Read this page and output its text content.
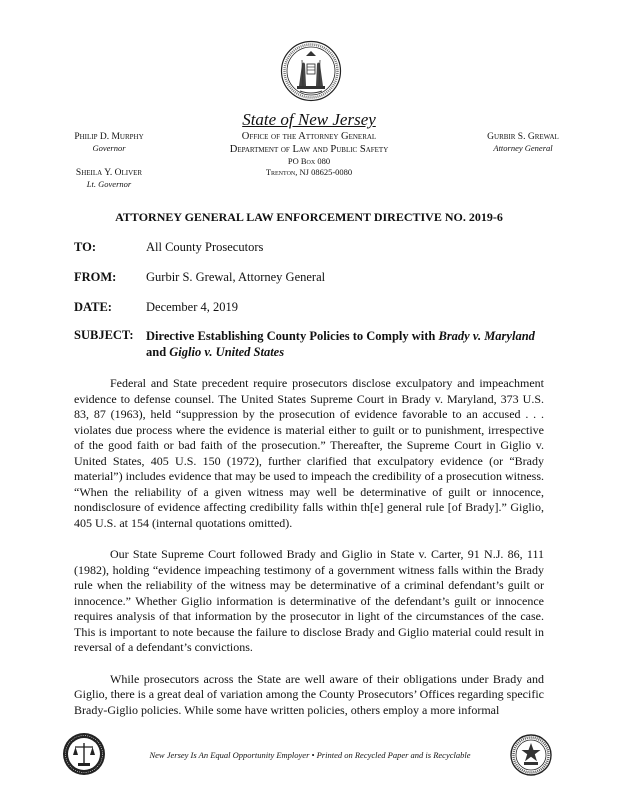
State of New Jersey
Office of the Attorney General
Department of Law and Public Safety
PO Box 080
Trenton, NJ 08625-0080
Philip D. Murphy
Governor
Sheila Y. Oliver
Lt. Governor
Gurbir S. Grewal
Attorney General
ATTORNEY GENERAL LAW ENFORCEMENT DIRECTIVE NO. 2019-6
TO:	All County Prosecutors
FROM: Gurbir S. Grewal, Attorney General
DATE:	December 4, 2019
SUBJECT: Directive Establishing County Policies to Comply with Brady v. Maryland
and Giglio v. United States

Federal and State precedent require prosecutors disclose exculpatory and impeachment evidence to defense counsel. The United States Supreme Court in Brady v. Maryland, 373 U.S. 83, 87 (1963), held “suppression by the prosecution of evidence favorable to an accused . . . violates due process where the evidence is material either to guilt or to punishment, irrespective of the good faith or bad faith of the prosecution.” Thereafter, the Supreme Court in Giglio v. United States, 405 U.S. 150 (1972), further clarified that exculpatory evidence (or “Brady material”) includes evidence that may be used to impeach the credibility of a prosecution witness. “When the reliability of a given witness may well be determinative of guilt or innocence, nondisclosure of evidence affecting credibility falls within th[e] general rule [of Brady].” Giglio, 405 U.S. at 154 (internal quotations omitted).

Our State Supreme Court followed Brady and Giglio in State v. Carter, 91 N.J. 86, 111 (1982), holding “evidence impeaching testimony of a government witness falls within the Brady rule when the reliability of the witness may be determinative of a criminal defendant’s guilt or innocence.” Whether Giglio information is determinative of the defendant’s guilt or innocence requires analysis of that information by the prosecutor in light of the circumstances of the case. This is important to note because the failure to disclose Brady and Giglio material could result in reversal of a defendant’s convictions.

While prosecutors across the State are well aware of their obligations under Brady and Giglio, there is a great deal of variation among the County Prosecutors’ Offices regarding specific Brady-Giglio policies. While some have written policies, others employ a more informal

New Jersey Is An Equal Opportunity Employer • Printed on Recycled Paper and is Recyclable
